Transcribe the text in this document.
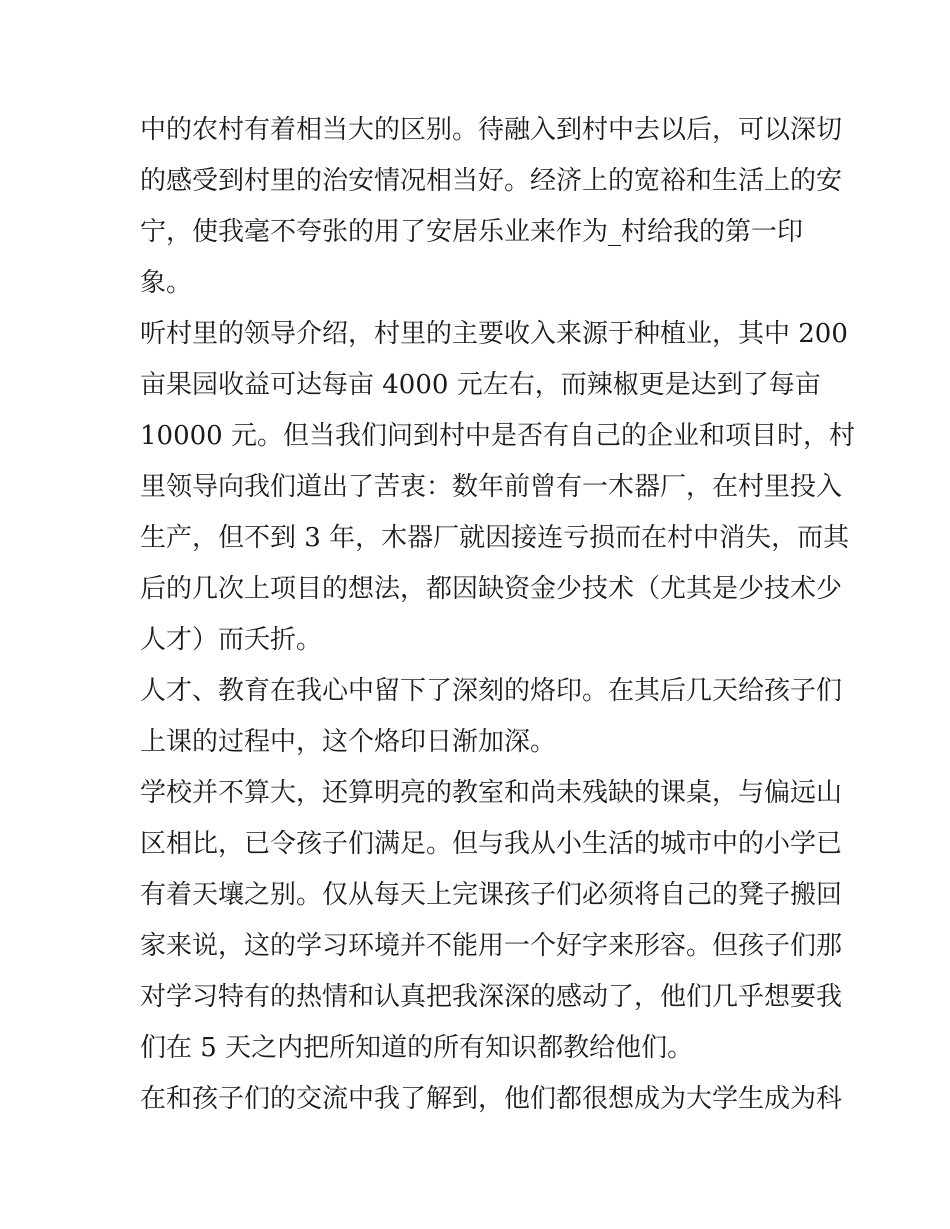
中的农村有着相当大的区别。待融入到村中去以后，可以深切
的感受到村里的治安情况相当好。经济上的宽裕和生活上的安
宁，使我毫不夸张的用了安居乐业来作为_村给我的第一印
象。
听村里的领导介绍，村里的主要收入来源于种植业，其中 200
亩果园收益可达每亩 4000 元左右，而辣椒更是达到了每亩
10000 元。但当我们问到村中是否有自己的企业和项目时，村
里领导向我们道出了苦衷：数年前曾有一木器厂，在村里投入
生产，但不到 3 年，木器厂就因接连亏损而在村中消失，而其
后的几次上项目的想法，都因缺资金少技术（尤其是少技术少
人才）而夭折。
人才、教育在我心中留下了深刻的烙印。在其后几天给孩子们
上课的过程中，这个烙印日渐加深。
学校并不算大，还算明亮的教室和尚未残缺的课桌，与偏远山
区相比，已令孩子们满足。但与我从小生活的城市中的小学已
有着天壤之别。仅从每天上完课孩子们必须将自己的凳子搬回
家来说，这的学习环境并不能用一个好字来形容。但孩子们那
对学习特有的热情和认真把我深深的感动了，他们几乎想要我
们在 5 天之内把所知道的所有知识都教给他们。
在和孩子们的交流中我了解到，他们都很想成为大学生成为科
